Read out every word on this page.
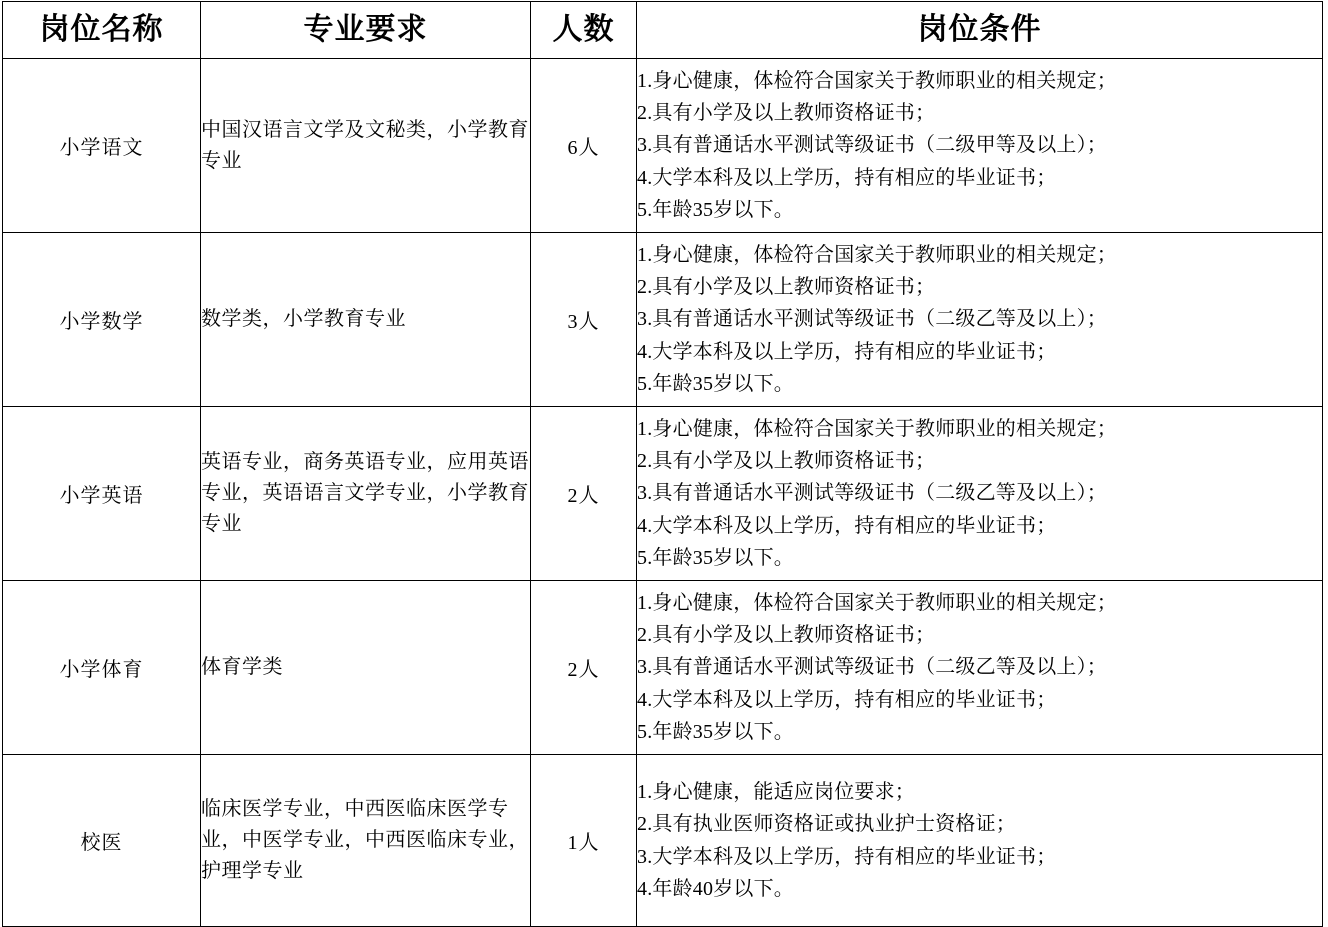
岗位名称	专业要求	人数	岗位条件
小学语文	中国汉语言文学及文秘类，小学教育专业	6人	1.身心健康，体检符合国家关于教师职业的相关规定；
2.具有小学及以上教师资格证书；
3.具有普通话水平测试等级证书（二级甲等及以上）；
4.大学本科及以上学历，持有相应的毕业证书；
5.年龄35岁以下。

小学数学	数学类，小学教育专业	3人	1.身心健康，体检符合国家关于教师职业的相关规定；
2.具有小学及以上教师资格证书；
3.具有普通话水平测试等级证书（二级乙等及以上）；
4.大学本科及以上学历，持有相应的毕业证书；
5.年龄35岁以下。

小学英语	英语专业，商务英语专业，应用英语专业，英语语言文学专业，小学教育专业	2人	1.身心健康，体检符合国家关于教师职业的相关规定；
2.具有小学及以上教师资格证书；
3.具有普通话水平测试等级证书（二级乙等及以上）；
4.大学本科及以上学历，持有相应的毕业证书；
5.年龄35岁以下。

小学体育	体育学类	2人	1.身心健康，体检符合国家关于教师职业的相关规定；
2.具有小学及以上教师资格证书；
3.具有普通话水平测试等级证书（二级乙等及以上）；
4.大学本科及以上学历，持有相应的毕业证书；
5.年龄35岁以下。

校医	临床医学专业，中西医临床医学专业，中医学专业，中西医临床专业，护理学专业	1人	1.身心健康，能适应岗位要求；
2.具有执业医师资格证或执业护士资格证；
3.大学本科及以上学历，持有相应的毕业证书；
4.年龄40岁以下。
